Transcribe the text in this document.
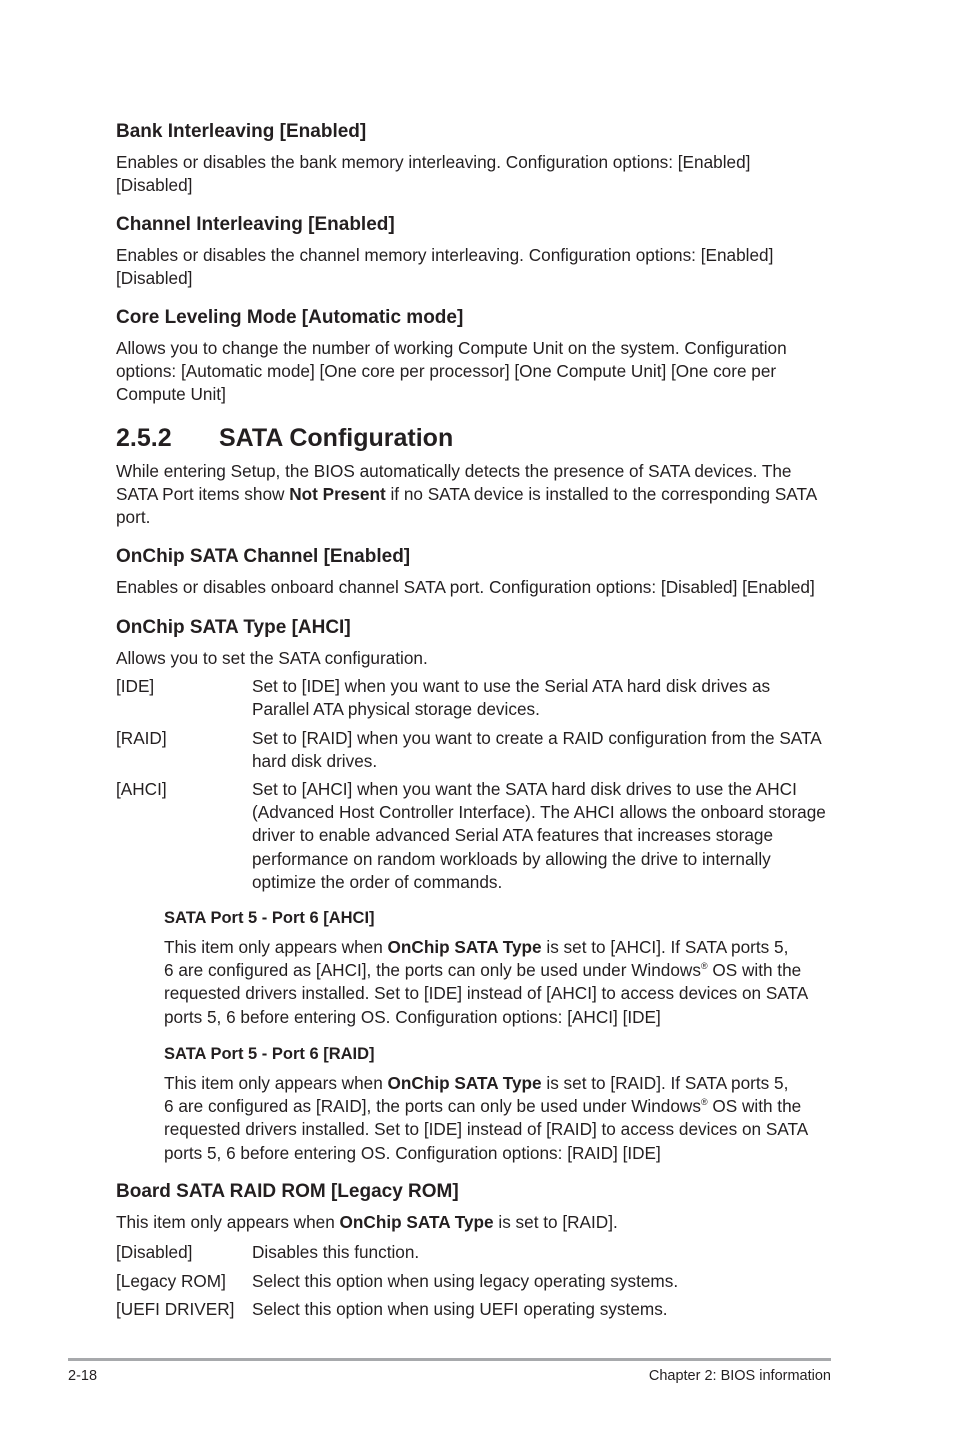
Bank Interleaving [Enabled]

Enables or disables the bank memory interleaving. Configuration options: [Enabled]
[Disabled]

Channel Interleaving [Enabled]

Enables or disables the channel memory interleaving. Configuration options: [Enabled]
[Disabled]

Core Leveling Mode [Automatic mode]

Allows you to change the number of working Compute Unit on the system. Configuration
options: [Automatic mode] [One core per processor] [One Compute Unit] [One core per
Compute Unit]

2.5.2 SATA Configuration

While entering Setup, the BIOS automatically detects the presence of SATA devices. The
SATA Port items show Not Present if no SATA device is installed to the corresponding SATA
port.

OnChip SATA Channel [Enabled]

Enables or disables onboard channel SATA port. Configuration options: [Disabled] [Enabled]

OnChip SATA Type [AHCI]

Allows you to set the SATA configuration.

[IDE]	Set to [IDE] when you want to use the Serial ATA hard disk drives as
Parallel ATA physical storage devices.

[RAID]	Set to [RAID] when you want to create a RAID configuration from the SATA
hard disk drives.

[AHCI]	Set to [AHCI] when you want the SATA hard disk drives to use the AHCI
(Advanced Host Controller Interface). The AHCI allows the onboard storage
driver to enable advanced Serial ATA features that increases storage
performance on random workloads by allowing the drive to internally
optimize the order of commands.

SATA Port 5 - Port 6 [AHCI]

This item only appears when OnChip SATA Type is set to [AHCI]. If SATA ports 5,
6 are configured as [AHCI], the ports can only be used under Windows® OS with the
requested drivers installed. Set to [IDE] instead of [AHCI] to access devices on SATA
ports 5, 6 before entering OS. Configuration options: [AHCI] [IDE]

SATA Port 5 - Port 6 [RAID]

This item only appears when OnChip SATA Type is set to [RAID]. If SATA ports 5,
6 are configured as [RAID], the ports can only be used under Windows® OS with the
requested drivers installed. Set to [IDE] instead of [RAID] to access devices on SATA
ports 5, 6 before entering OS. Configuration options: [RAID] [IDE]

Board SATA RAID ROM [Legacy ROM]

This item only appears when OnChip SATA Type is set to [RAID].

[Disabled]	Disables this function.

[Legacy ROM] Select this option when using legacy operating systems.

[UEFI DRIVER] Select this option when using UEFI operating systems.

2-18	Chapter 2: BIOS information
